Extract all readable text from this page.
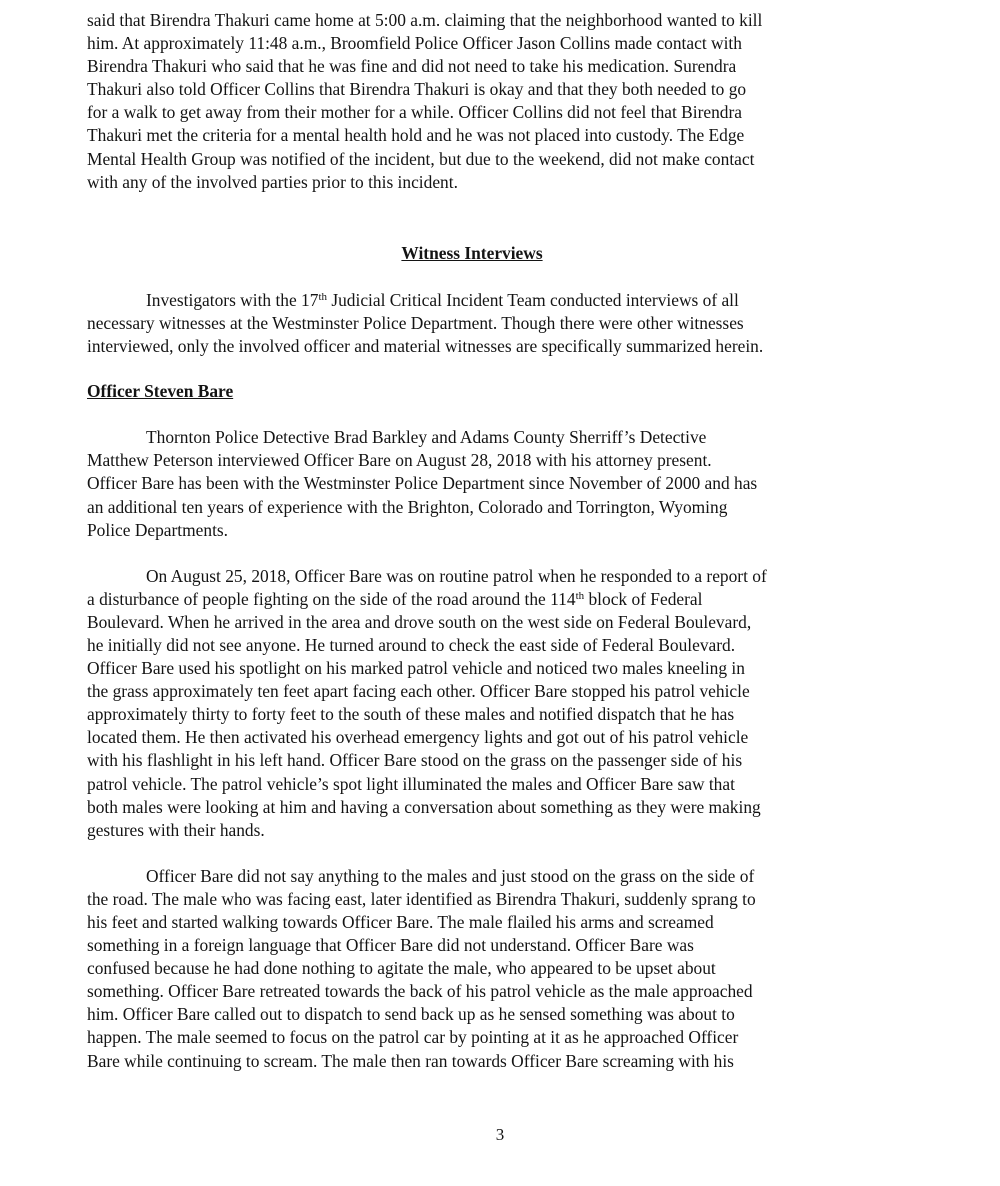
said that Birendra Thakuri came home at 5:00 a.m. claiming that the neighborhood wanted to kill
him. At approximately 11:48 a.m., Broomfield Police Officer Jason Collins made contact with
Birendra Thakuri who said that he was fine and did not need to take his medication. Surendra
Thakuri also told Officer Collins that Birendra Thakuri is okay and that they both needed to go
for a walk to get away from their mother for a while. Officer Collins did not feel that Birendra
Thakuri met the criteria for a mental health hold and he was not placed into custody. The Edge
Mental Health Group was notified of the incident, but due to the weekend, did not make contact
with any of the involved parties prior to this incident.
Witness Interviews
Investigators with the 17th Judicial Critical Incident Team conducted interviews of all
necessary witnesses at the Westminster Police Department. Though there were other witnesses
interviewed, only the involved officer and material witnesses are specifically summarized herein.
Officer Steven Bare
Thornton Police Detective Brad Barkley and Adams County Sherriff’s Detective
Matthew Peterson interviewed Officer Bare on August 28, 2018 with his attorney present.
Officer Bare has been with the Westminster Police Department since November of 2000 and has
an additional ten years of experience with the Brighton, Colorado and Torrington, Wyoming
Police Departments.
On August 25, 2018, Officer Bare was on routine patrol when he responded to a report of
a disturbance of people fighting on the side of the road around the 114th block of Federal
Boulevard. When he arrived in the area and drove south on the west side on Federal Boulevard,
he initially did not see anyone. He turned around to check the east side of Federal Boulevard.
Officer Bare used his spotlight on his marked patrol vehicle and noticed two males kneeling in
the grass approximately ten feet apart facing each other. Officer Bare stopped his patrol vehicle
approximately thirty to forty feet to the south of these males and notified dispatch that he has
located them. He then activated his overhead emergency lights and got out of his patrol vehicle
with his flashlight in his left hand. Officer Bare stood on the grass on the passenger side of his
patrol vehicle. The patrol vehicle’s spot light illuminated the males and Officer Bare saw that
both males were looking at him and having a conversation about something as they were making
gestures with their hands.
Officer Bare did not say anything to the males and just stood on the grass on the side of
the road. The male who was facing east, later identified as Birendra Thakuri, suddenly sprang to
his feet and started walking towards Officer Bare. The male flailed his arms and screamed
something in a foreign language that Officer Bare did not understand. Officer Bare was
confused because he had done nothing to agitate the male, who appeared to be upset about
something. Officer Bare retreated towards the back of his patrol vehicle as the male approached
him. Officer Bare called out to dispatch to send back up as he sensed something was about to
happen. The male seemed to focus on the patrol car by pointing at it as he approached Officer
Bare while continuing to scream. The male then ran towards Officer Bare screaming with his
3
